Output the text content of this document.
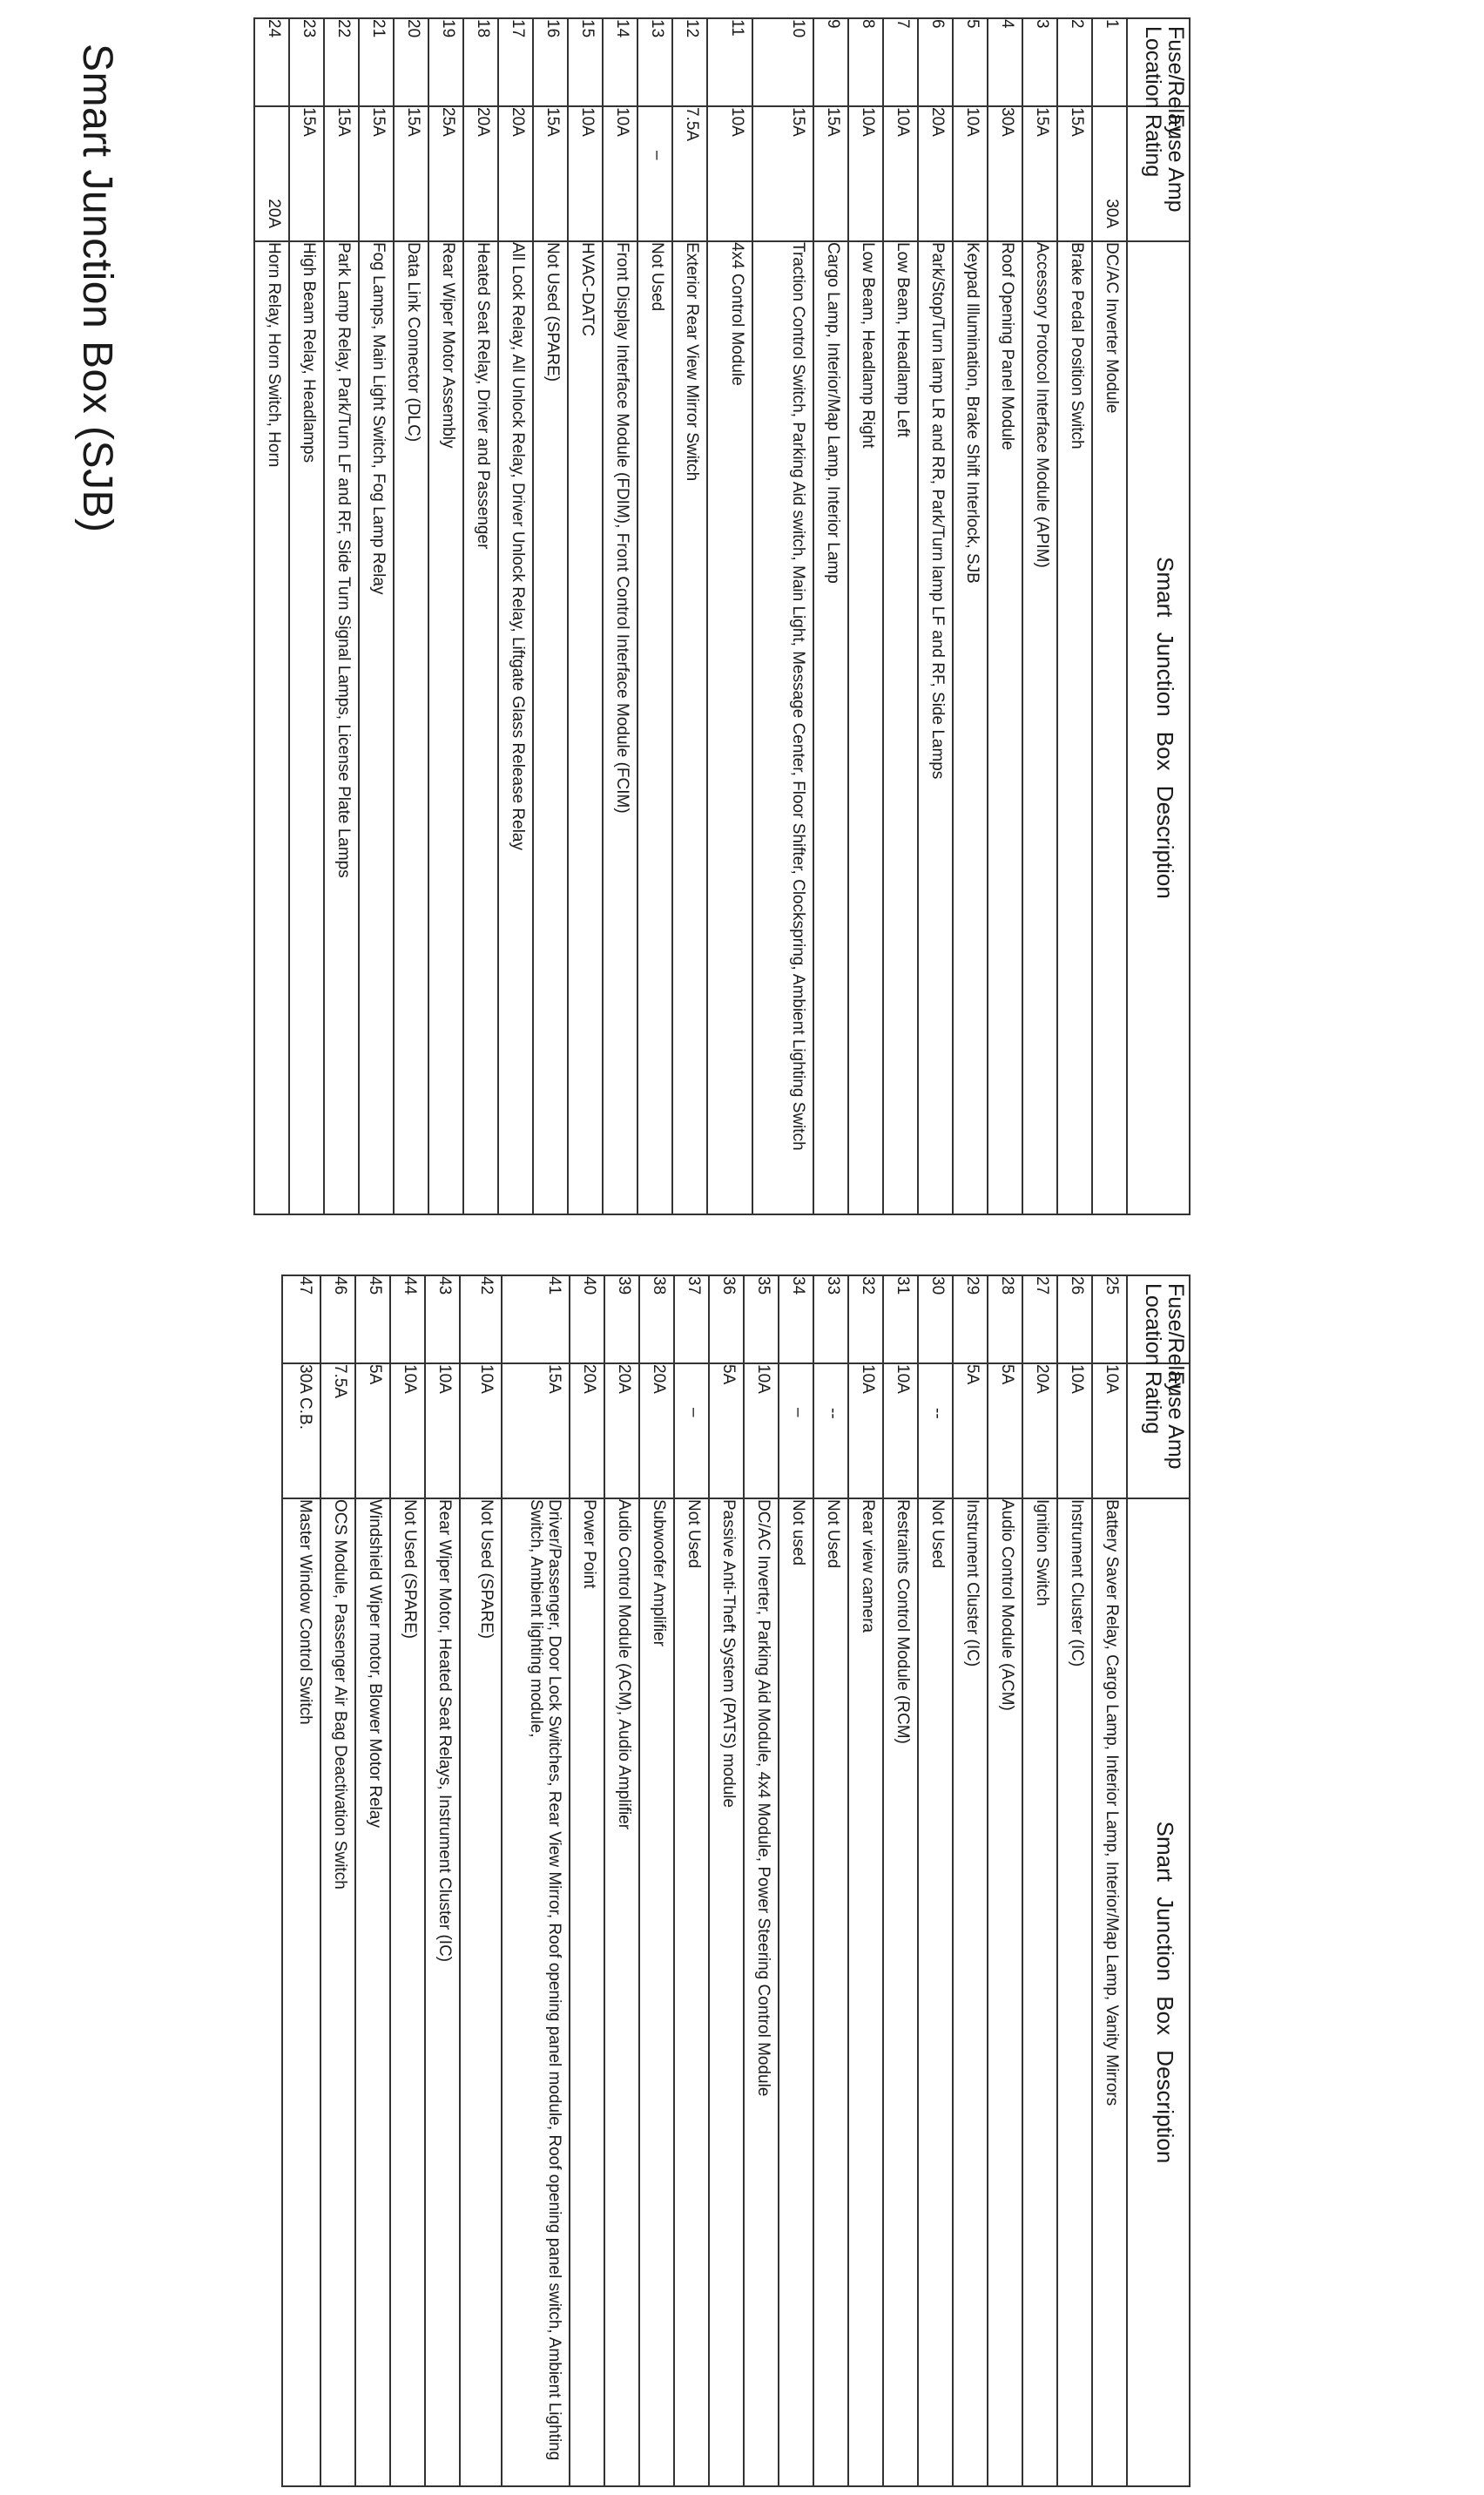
Smart Junction Box (SJB)	Fuse/Relay Location	Fuse Amp Rating	Smart Junction Box Description
1	30A	DC/AC Inverter Module
2	15A	Brake Pedal Position Switch
3	15A	Accessory Protocol Interface Module (APIM)
4	30A	Roof Opening Panel Module
5	10A	Keypad Illumination, Brake Shift Interlock, SJB
6	20A	Park/Stop/Turn lamp LR and RR, Park/Turn lamp LF and RF, Side Lamps
7	10A	Low Beam, Headlamp Left
8	10A	Low Beam, Headlamp Right
9	15A	Cargo Lamp, Interior/Map Lamp, Interior Lamp
10	15A	Traction Control Switch, Parking Aid switch, Main Light, Message Center, Floor Shifter, Clockspring, Ambient Lighting Switch
11	10A	4x4 Control Module
12	7.5A	Exterior Rear View Mirror Switch
13	–	Not Used
14	10A	Front Display Interface Module (FDIM), Front Control Interface Module (FCIM)
15	10A	HVAC-DATC
16	15A	Not Used (SPARE)
17	20A	All Lock Relay, All Unlock Relay, Driver Unlock Relay, Liftgate Glass Release Relay
18	20A	Heated Seat Relay, Driver and Passenger
19	25A	Rear Wiper Motor Assembly
20	15A	Data Link Connector (DLC)
21	15A	Fog Lamps, Main Light Switch, Fog Lamp Relay
22	15A	Park Lamp Relay, Park/Turn LF and RF, Side Turn Signal Lamps, License Plate Lamps
23	15A	High Beam Relay, Headlamps
24	20A	Horn Relay, Horn Switch, Horn
Fuse/Relay Location	Fuse Amp Rating	Smart Junction Box Description
25	10A	Battery Saver Relay, Cargo Lamp, Interior Lamp, Interior/Map Lamp, Vanity Mirrors
26	10A	Instrument Cluster (IC)
27	20A	Ignition Switch
28	5A	Audio Control Module (ACM)
29	5A	Instrument Cluster (IC)
30	--	Not Used
31	10A	Restraints Control Module (RCM)
32	10A	Rear view camera
33	--	Not Used
34	–	Not used
35	10A	DC/AC Inverter, Parking Aid Module, 4x4 Module, Power Steering Control Module
36	5A	Passive Anti-Theft System (PATS) module
37	–	Not Used
38	20A	Subwoofer Amplifier
39	20A	Audio Control Module (ACM), Audio Amplifier
40	20A	Power Point
41	15A	Driver/Passenger, Door Lock Switches, Rear View Mirror, Roof opening panel module, Roof opening panel switch, Ambient Lighting Switch, Ambient lighting module,
42	10A	Not Used (SPARE)
43	10A	Rear Wiper Motor, Heated Seat Relays, Instrument Cluster (IC)
44	10A	Not Used (SPARE)
45	5A	Windshield Wiper motor, Blower Motor Relay
46	7.5A	OCS Module, Passenger Air Bag Deactivation Switch
47	30A C.B.	Master Window Control Switch
